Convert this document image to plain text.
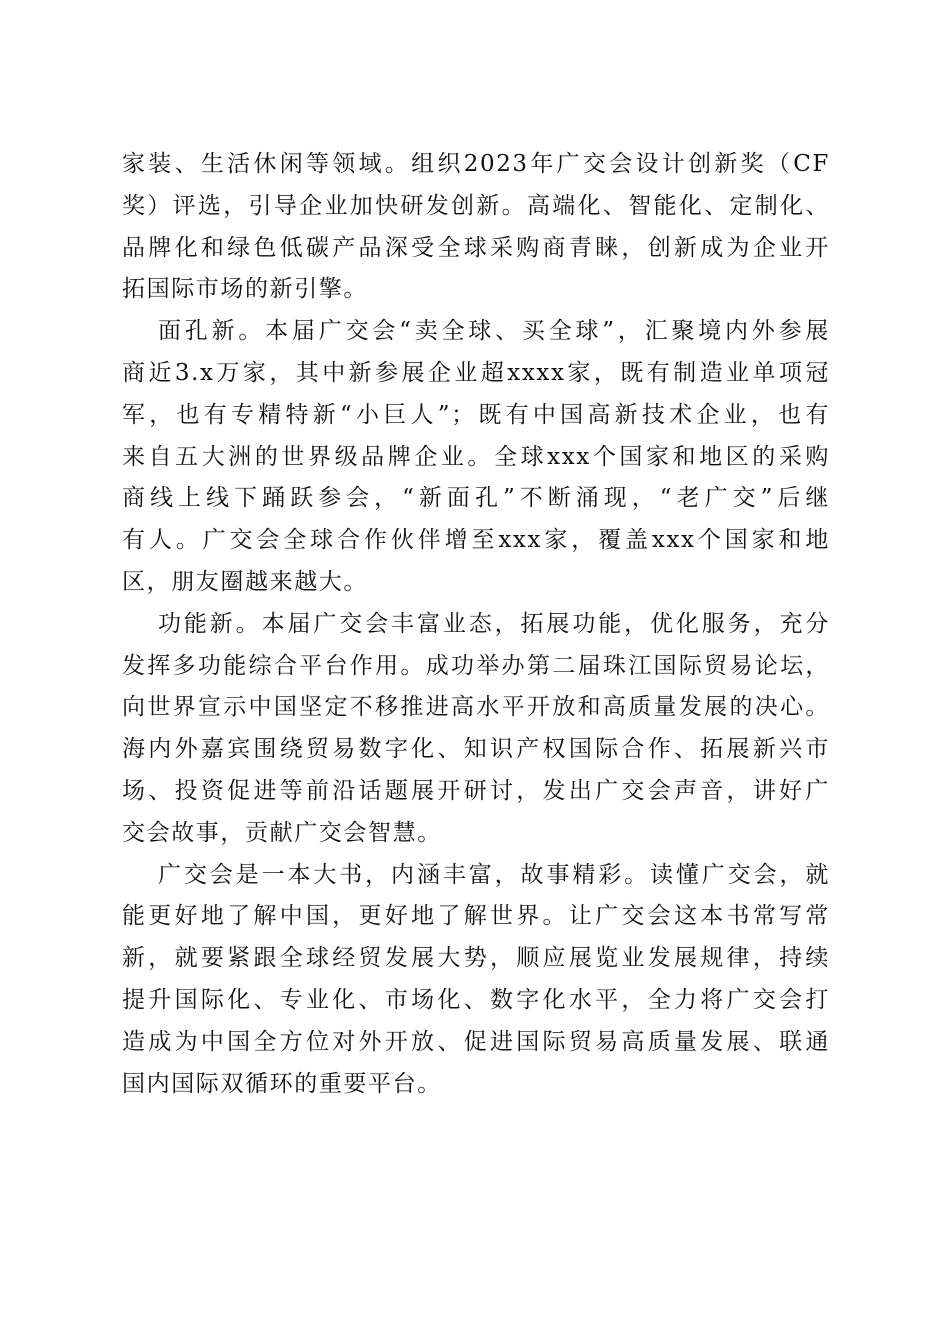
家装、生活休闲等领域。组织2023年广交会设计创新奖（CF
奖）评选，引导企业加快研发创新。高端化、智能化、定制化、
品牌化和绿色低碳产品深受全球采购商青睐，创新成为企业开
拓国际市场的新引擎。
面孔新。本届广交会“卖全球、买全球”，汇聚境内外参展
商近3.x万家，其中新参展企业超xxxx家，既有制造业单项冠
军，也有专精特新“小巨人”；既有中国高新技术企业，也有
来自五大洲的世界级品牌企业。全球xxx个国家和地区的采购
商线上线下踊跃参会，“新面孔”不断涌现，“老广交”后继
有人。广交会全球合作伙伴增至xxx家，覆盖xxx个国家和地
区，朋友圈越来越大。
功能新。本届广交会丰富业态，拓展功能，优化服务，充分
发挥多功能综合平台作用。成功举办第二届珠江国际贸易论坛，
向世界宣示中国坚定不移推进高水平开放和高质量发展的决心。
海内外嘉宾围绕贸易数字化、知识产权国际合作、拓展新兴市
场、投资促进等前沿话题展开研讨，发出广交会声音，讲好广
交会故事，贡献广交会智慧。
广交会是一本大书，内涵丰富，故事精彩。读懂广交会，就
能更好地了解中国，更好地了解世界。让广交会这本书常写常
新，就要紧跟全球经贸发展大势，顺应展览业发展规律，持续
提升国际化、专业化、市场化、数字化水平，全力将广交会打
造成为中国全方位对外开放、促进国际贸易高质量发展、联通
国内国际双循环的重要平台。
